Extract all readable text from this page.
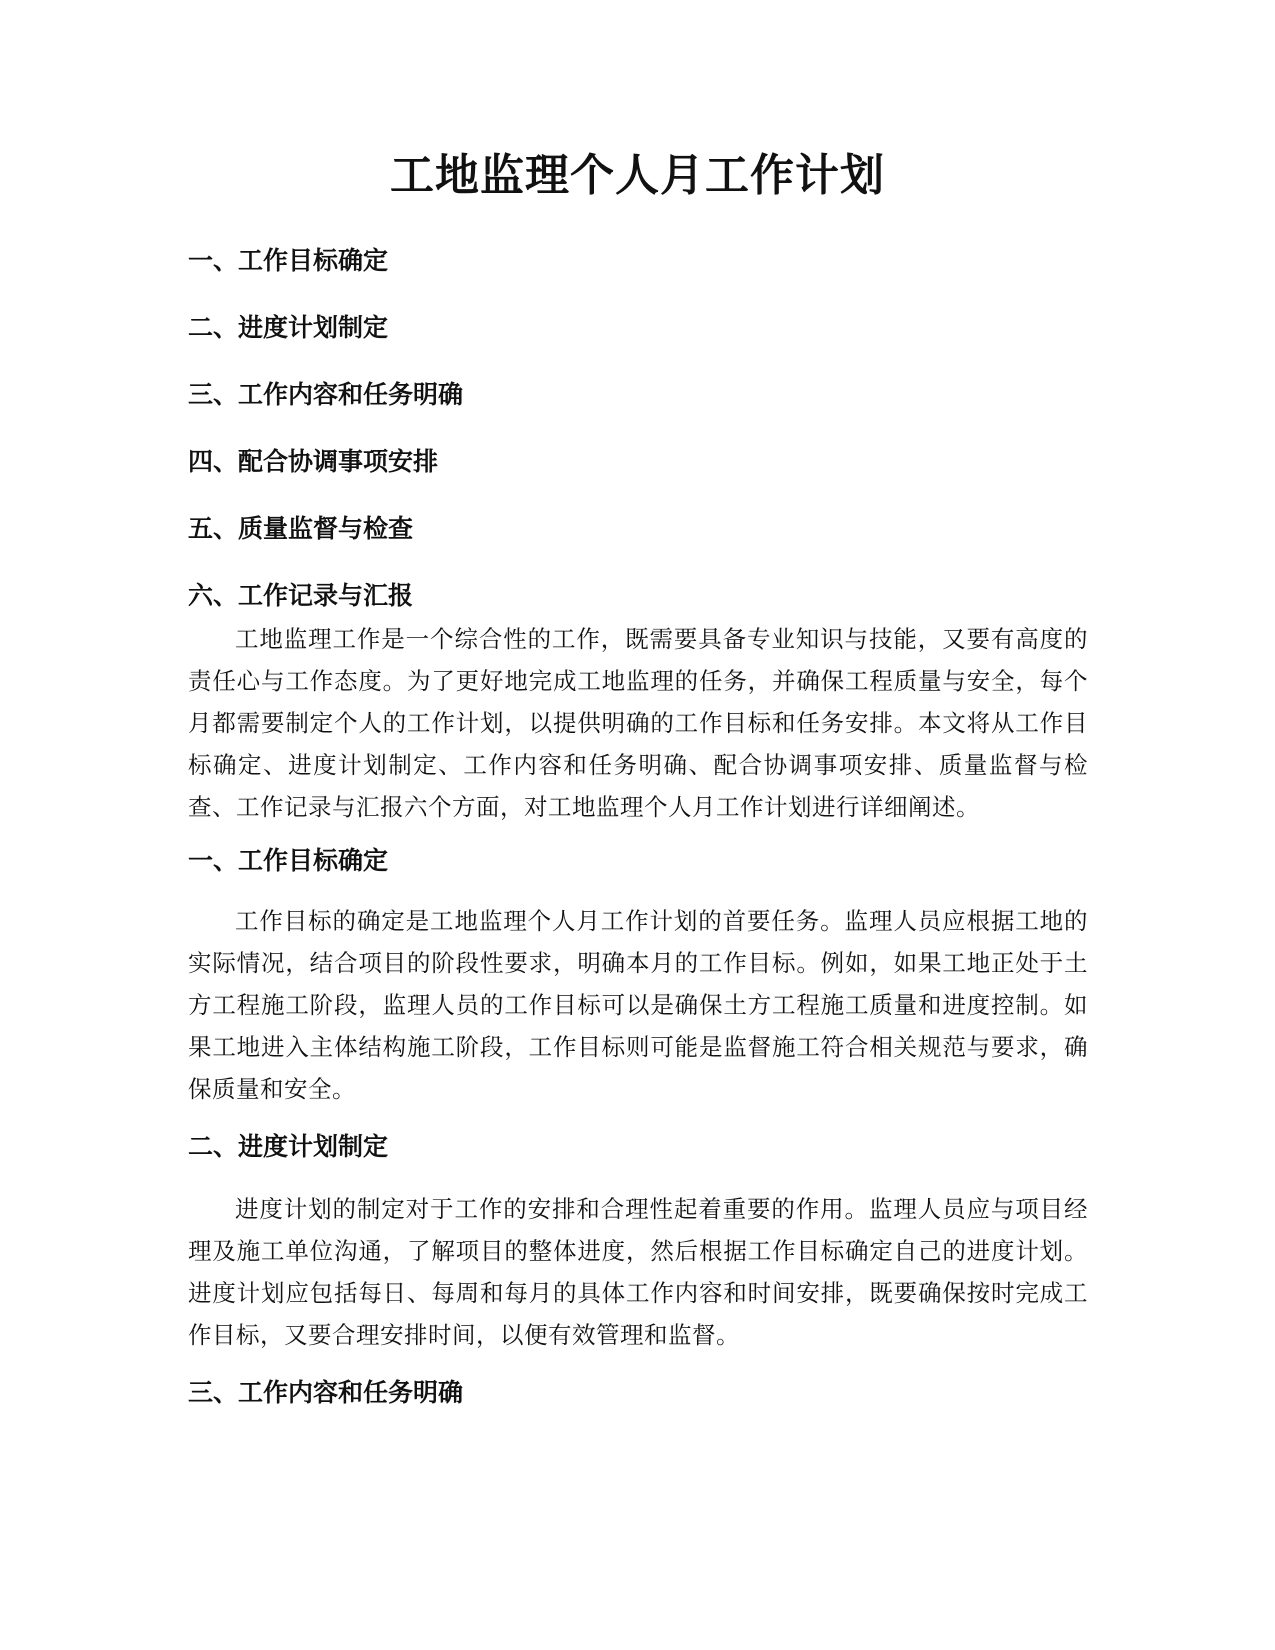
工地监理个人月工作计划
一、工作目标确定
二、进度计划制定
三、工作内容和任务明确
四、配合协调事项安排
五、质量监督与检查
六、工作记录与汇报

工地监理工作是一个综合性的工作，既需要具备专业知识与技能，又要有高度的责任心与工作态度。为了更好地完成工地监理的任务，并确保工程质量与安全，每个月都需要制定个人的工作计划，以提供明确的工作目标和任务安排。本文将从工作目标确定、进度计划制定、工作内容和任务明确、配合协调事项安排、质量监督与检查、工作记录与汇报六个方面，对工地监理个人月工作计划进行详细阐述。

一、工作目标确定

工作目标的确定是工地监理个人月工作计划的首要任务。监理人员应根据工地的实际情况，结合项目的阶段性要求，明确本月的工作目标。例如，如果工地正处于土方工程施工阶段，监理人员的工作目标可以是确保土方工程施工质量和进度控制。如果工地进入主体结构施工阶段，工作目标则可能是监督施工符合相关规范与要求，确保质量和安全。

二、进度计划制定

进度计划的制定对于工作的安排和合理性起着重要的作用。监理人员应与项目经理及施工单位沟通，了解项目的整体进度，然后根据工作目标确定自己的进度计划。进度计划应包括每日、每周和每月的具体工作内容和时间安排，既要确保按时完成工作目标，又要合理安排时间，以便有效管理和监督。

三、工作内容和任务明确
